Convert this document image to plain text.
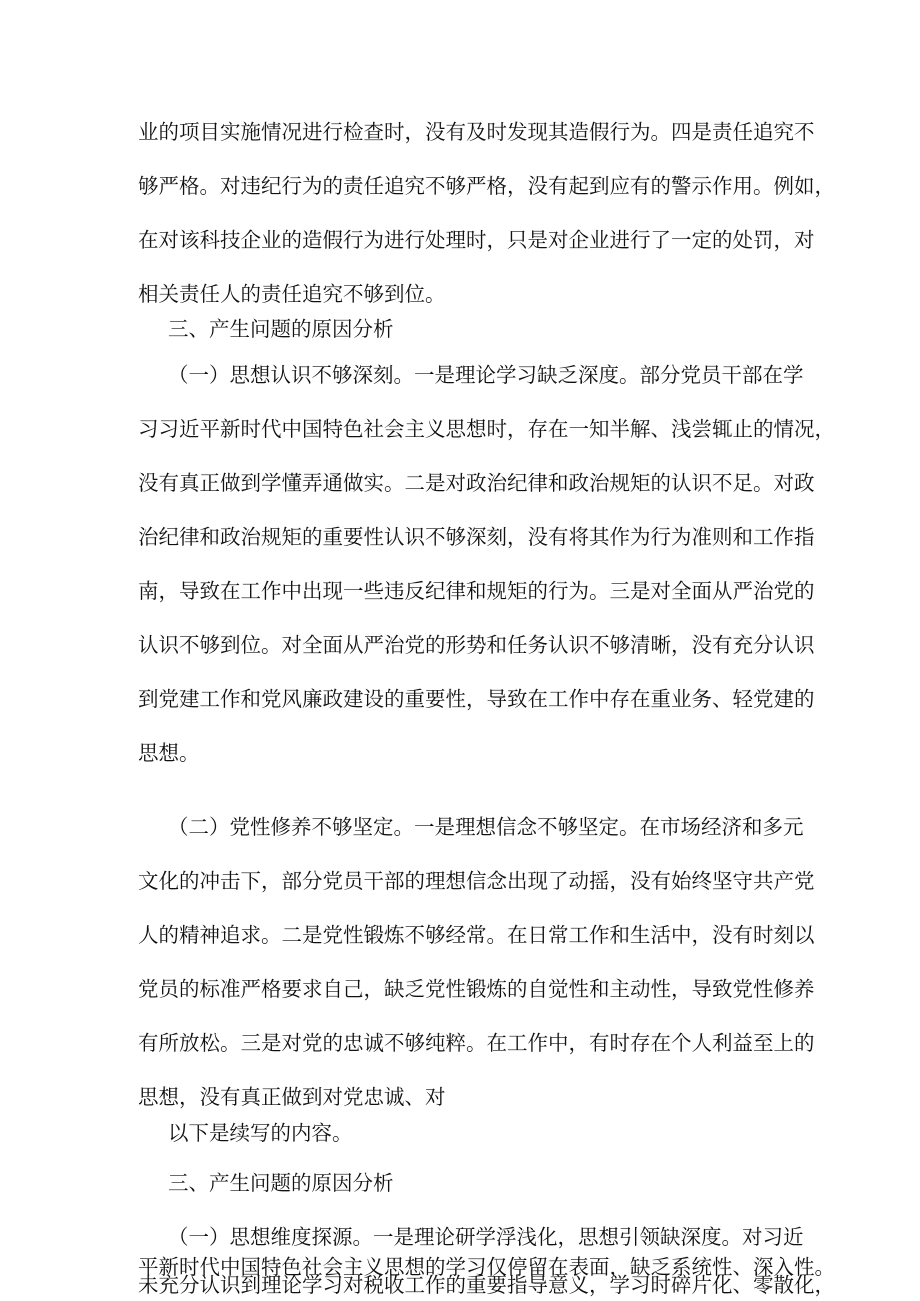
业的项目实施情况进行检查时，没有及时发现其造假行为。四是责任追究不
够严格。对违纪行为的责任追究不够严格，没有起到应有的警示作用。例如，
在对该科技企业的造假行为进行处理时，只是对企业进行了一定的处罚，对
相关责任人的责任追究不够到位。
三、产生问题的原因分析
（一）思想认识不够深刻。一是理论学习缺乏深度。部分党员干部在学
习习近平新时代中国特色社会主义思想时，存在一知半解、浅尝辄止的情况，
没有真正做到学懂弄通做实。二是对政治纪律和政治规矩的认识不足。对政
治纪律和政治规矩的重要性认识不够深刻，没有将其作为行为准则和工作指
南，导致在工作中出现一些违反纪律和规矩的行为。三是对全面从严治党的
认识不够到位。对全面从严治党的形势和任务认识不够清晰，没有充分认识
到党建工作和党风廉政建设的重要性，导致在工作中存在重业务、轻党建的
思想。
（二）党性修养不够坚定。一是理想信念不够坚定。在市场经济和多元
文化的冲击下，部分党员干部的理想信念出现了动摇，没有始终坚守共产党
人的精神追求。二是党性锻炼不够经常。在日常工作和生活中，没有时刻以
党员的标准严格要求自己，缺乏党性锻炼的自觉性和主动性，导致党性修养
有所放松。三是对党的忠诚不够纯粹。在工作中，有时存在个人利益至上的
思想，没有真正做到对党忠诚、对
以下是续写的内容。
三、产生问题的原因分析
（一）思想维度探源。一是理论研学浮浅化，思想引领缺深度。对习近
平新时代中国特色社会主义思想的学习仅停留在表面，缺乏系统性、深入性。
未充分认识到理论学习对税收工作的重要指导意义，学习时碎片化、零散化，
